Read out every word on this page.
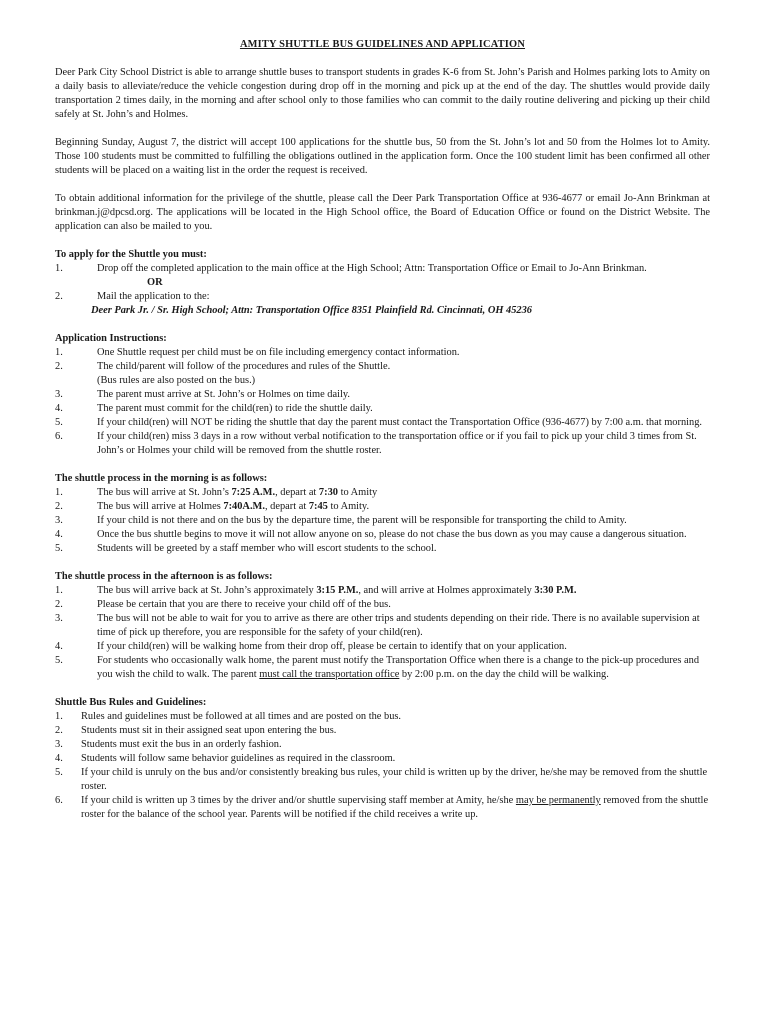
AMITY SHUTTLE BUS GUIDELINES AND APPLICATION

Deer Park City School District is able to arrange shuttle buses to transport students in grades K-6 from St. John’s Parish and Holmes parking lots to Amity on a daily basis to alleviate/reduce the vehicle congestion during drop off in the morning and pick up at the end of the day. The shuttles would provide daily transportation 2 times daily, in the morning and after school only to those families who can commit to the daily routine delivering and picking up their child safely at St. John’s and Holmes.

Beginning Sunday, August 7, the district will accept 100 applications for the shuttle bus, 50 from the St. John’s lot and 50 from the Holmes lot to Amity. Those 100 students must be committed to fulfilling the obligations outlined in the application form. Once the 100 student limit has been confirmed all other students will be placed on a waiting list in the order the request is received.

To obtain additional information for the privilege of the shuttle, please call the Deer Park Transportation Office at 936-4677 or email Jo-Ann Brinkman at brinkman.j@dpcsd.org. The applications will be located in the High School office, the Board of Education Office or found on the District Website. The application can also be mailed to you.

To apply for the Shuttle you must:
1.	Drop off the completed application to the main office at the High School; Attn: Transportation Office or Email to Jo-Ann Brinkman.
OR
2.	Mail the application to the:
Deer Park Jr. / Sr. High School; Attn: Transportation Office 8351 Plainfield Rd. Cincinnati, OH 45236
Application Instructions:
1.	One Shuttle request per child must be on file including emergency contact information.
2.	The child/parent will follow of the procedures and rules of the Shuttle.
(Bus rules are also posted on the bus.)
3.	The parent must arrive at St. John’s or Holmes on time daily.
4.	The parent must commit for the child(ren) to ride the shuttle daily.
5.	If your child(ren) will NOT be riding the shuttle that day the parent must contact the Transportation Office (936-4677) by 7:00 a.m. that morning.
6.	If your child(ren) miss 3 days in a row without verbal notification to the transportation office or if you fail to pick up your child 3 times from St. John’s or Holmes your child will be removed from the shuttle roster.
The shuttle process in the morning is as follows:
1.	The bus will arrive at St. John’s 7:25 A.M., depart at 7:30 to Amity
2.	The bus will arrive at Holmes 7:40A.M., depart at 7:45 to Amity.
3.	If your child is not there and on the bus by the departure time, the parent will be responsible for transporting the child to Amity.
4.	Once the bus shuttle begins to move it will not allow anyone on so, please do not chase the bus down as you may cause a dangerous situation.
5.	Students will be greeted by a staff member who will escort students to the school.
The shuttle process in the afternoon is as follows:
1.	The bus will arrive back at St. John’s approximately 3:15 P.M., and will arrive at Holmes approximately 3:30 P.M.
2.	Please be certain that you are there to receive your child off of the bus.
3.	The bus will not be able to wait for you to arrive as there are other trips and students depending on their ride. There is no available supervision at time of pick up therefore, you are responsible for the safety of your child(ren).
4.	If your child(ren) will be walking home from their drop off, please be certain to identify that on your application.
5.	For students who occasionally walk home, the parent must notify the Transportation Office when there is a change to the pick-up procedures and you wish the child to walk. The parent must call the transportation office by 2:00 p.m. on the day the child will be walking.
Shuttle Bus Rules and Guidelines:
1. Rules and guidelines must be followed at all times and are posted on the bus.
2. Students must sit in their assigned seat upon entering the bus.
3. Students must exit the bus in an orderly fashion.
4. Students will follow same behavior guidelines as required in the classroom.
5. If your child is unruly on the bus and/or consistently breaking bus rules, your child is written up by the driver, he/she may be removed from the shuttle roster.
6. If your child is written up 3 times by the driver and/or shuttle supervising staff member at Amity, he/she may be permanently removed from the shuttle roster for the balance of the school year. Parents will be notified if the child receives a write up.
